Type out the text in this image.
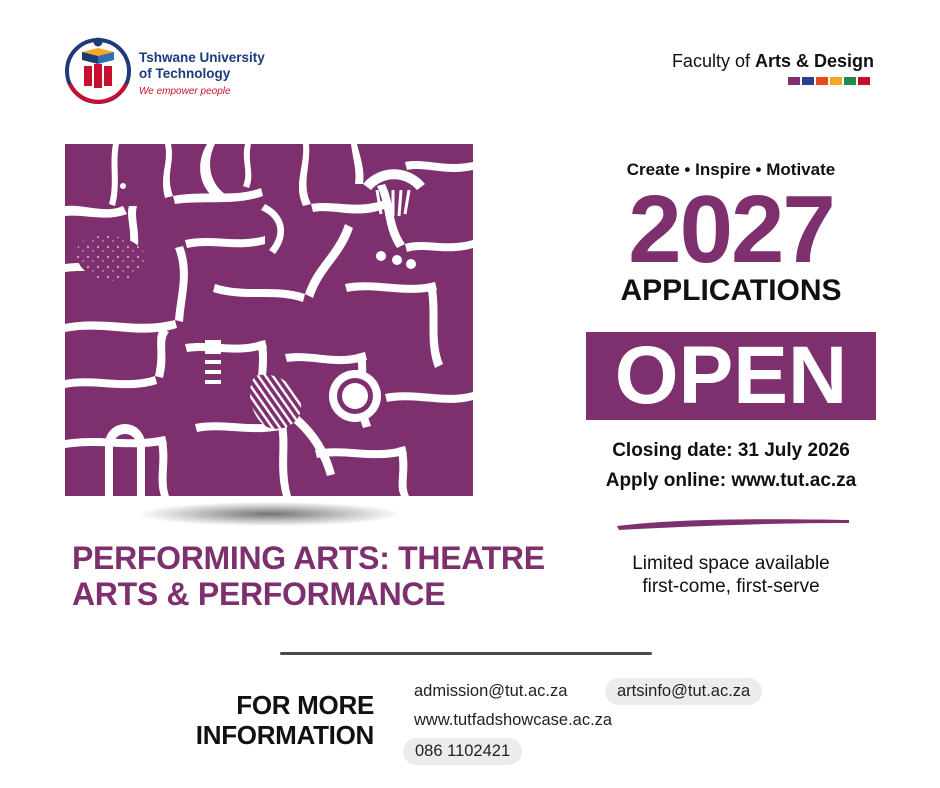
Tshwane University
of Technology
We empower people
Faculty of Arts & Design
Create • Inspire • Motivate
2027
APPLICATIONS
OPEN
Closing date: 31 July 2026
Apply online: www.tut.ac.za
Limited space available
first-come, first-serve
PERFORMING ARTS: THEATRE
ARTS & PERFORMANCE
FOR MORE
INFORMATION
admission@tut.ac.za	artsinfo@tut.ac.za
www.tutfadshowcase.ac.za
086 1102421
